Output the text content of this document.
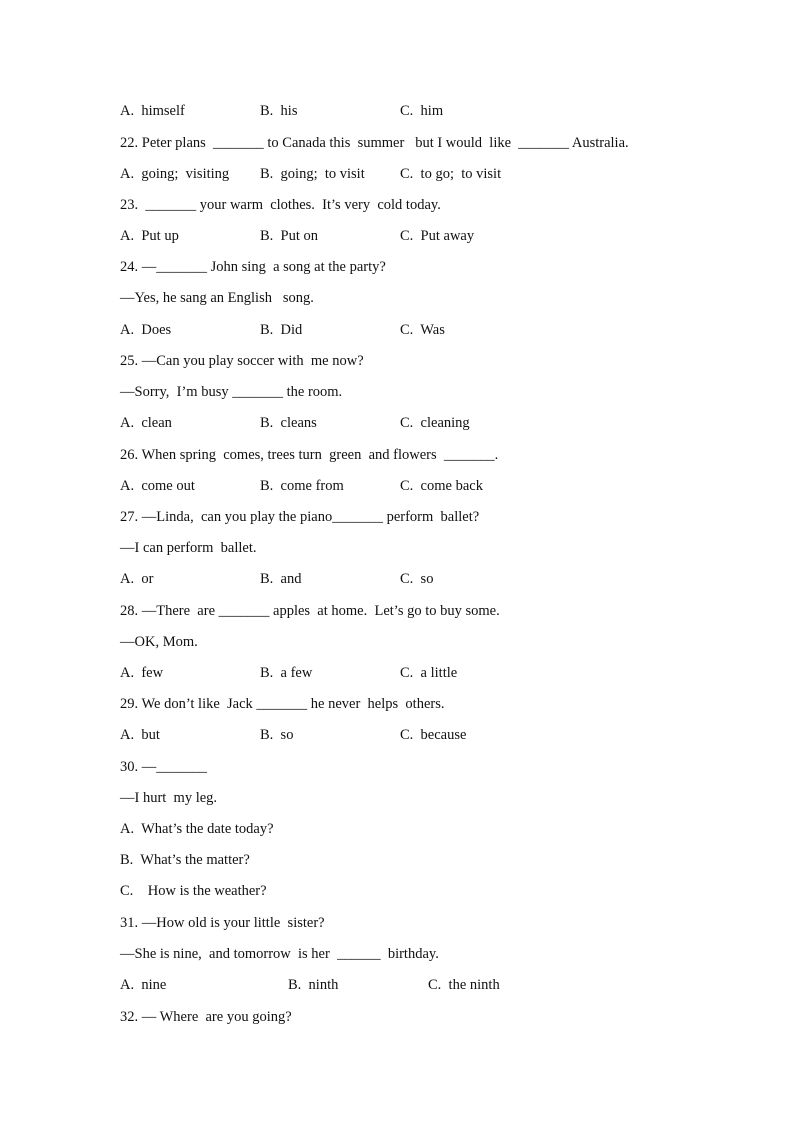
A.  himself

	B.  his

	C.  him

22. Peter plans  _______ to Canada this  summer   but I would  like  _______ Australia.

A.  going;  visiting

B.  going;  to visit

C.  to go;  to visit

23.  _______ your warm  clothes.  It’s very  cold today.

A.  Put up

	B.  Put on

	C.  Put away

24. —_______ John sing  a song at the party?
—Yes, he sang an English   song.

A.  Does

	B.  Did

	C.  Was

25. —Can you play soccer with  me now?
—Sorry,  I’m busy _______ the room.

A.  clean

	B.  cleans

	C.  cleaning

26. When spring  comes, trees turn  green  and flowers  _______.

A.  come out

	B.  come from

	C.  come back

27. —Linda,  can you play the piano_______ perform  ballet?
—I can perform  ballet.

A.  or

	B.  and

	C.  so

28. —There  are _______ apples  at home.  Let’s go to buy some.
—OK, Mom.

A.  few

	B.  a few

	C.  a little

29. We don’t like  Jack _______ he never  helps  others.

A.  but

	B.  so

	C.  because

30. —_______
—I hurt  my leg.
A.  What’s the date today?
B.  What’s the matter?
C.    How is the weather?
31. —How old is your little  sister?
—She is nine,  and tomorrow  is her  ______  birthday.

A.  nine

	B.  ninth

	C.  the ninth

32. — Where  are you going?
